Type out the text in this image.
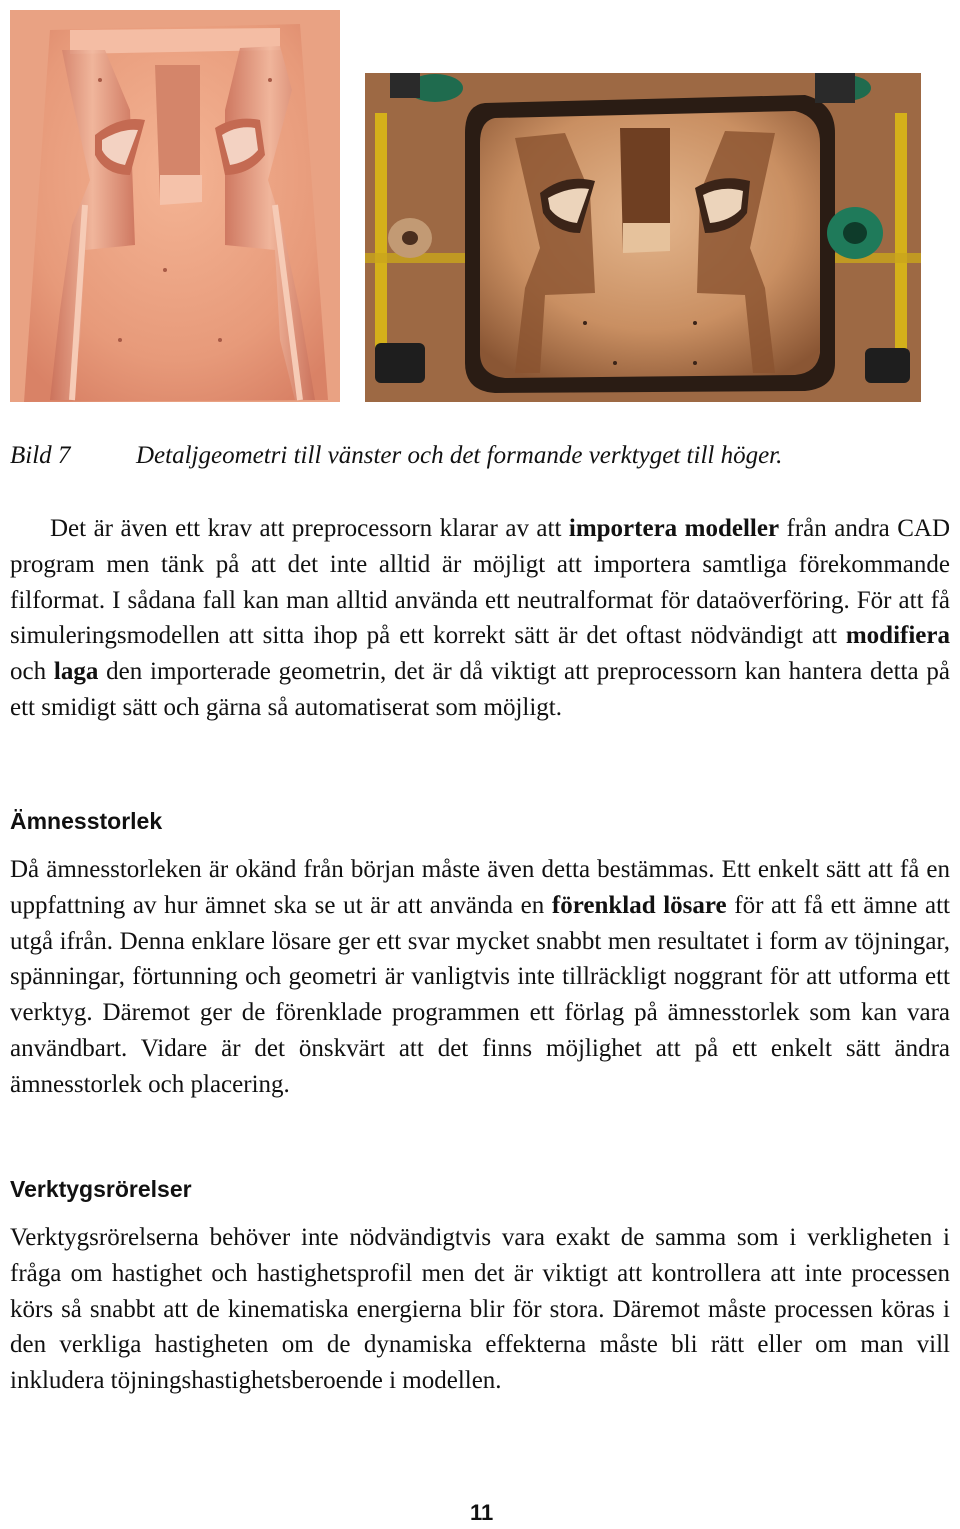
Bild 7	Detaljgeometri till vänster och det formande verktyget till höger.

Det är även ett krav att preprocessorn klarar av att importera modeller från andra CAD program men tänk på att det inte alltid är möjligt att importera samtliga förekommande filformat. I sådana fall kan man alltid använda ett neutralformat för dataöverföring. För att få simuleringsmodellen att sitta ihop på ett korrekt sätt är det oftast nödvändigt att modifiera och laga den importerade geometrin, det är då viktigt att preprocessorn kan hantera detta på ett smidigt sätt och gärna så automatiserat som möjligt.

Ämnesstorlek

Då ämnesstorleken är okänd från början måste även detta bestämmas. Ett enkelt sätt att få en uppfattning av hur ämnet ska se ut är att använda en förenklad lösare för att få ett ämne att utgå ifrån. Denna enklare lösare ger ett svar mycket snabbt men resultatet i form av töjningar, spänningar, förtunning och geometri är vanligtvis inte tillräckligt noggrant för att utforma ett verktyg. Däremot ger de förenklade programmen ett förlag på ämnesstorlek som kan vara användbart. Vidare är det önskvärt att det finns möjlighet att på ett enkelt sätt ändra ämnesstorlek och placering.

Verktygsrörelser

Verktygsrörelserna behöver inte nödvändigtvis vara exakt de samma som i verkligheten i fråga om hastighet och hastighetsprofil men det är viktigt att kontrollera att inte processen körs så snabbt att de kinematiska energierna blir för stora. Däremot måste processen köras i den verkliga hastigheten om de dynamiska effekterna måste bli rätt eller om man vill inkludera töjningshastighetsberoende i modellen.

11
